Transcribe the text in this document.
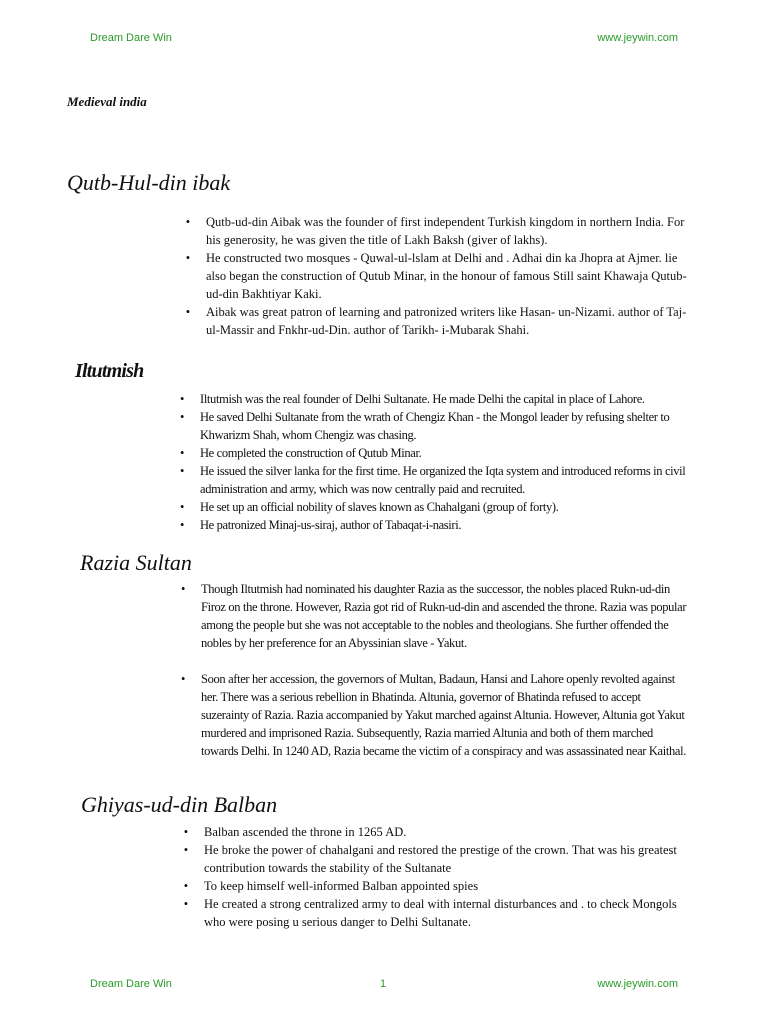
Dream Dare Win	www.jeywin.com
Medieval india
Qutb-Hul-din ibak
• Qutb-ud-din Aibak was the founder of first independent Turkish kingdom in northern India. For his generosity, he was given the title of Lakh Baksh (giver of lakhs).
• He constructed two mosques - Quwal-ul-lslam at Delhi and . Adhai din ka Jhopra at Ajmer. lie also began the construction of Qutub Minar, in the honour of famous Still saint Khawaja Qutub-ud-din Bakhtiyar Kaki.
• Aibak was great patron of learning and patronized writers like Hasan- un-Nizami. author of Taj-ul-Massir and Fnkhr-ud-Din. author of Tarikh- i-Mubarak Shahi.
Iltutmish
• Iltutmish was the real founder of Delhi Sultanate. He made Delhi the capital in place of Lahore.
• He saved Delhi Sultanate from the wrath of Chengiz Khan - the Mongol leader by refusing shelter to Khwarizm Shah, whom Chengiz was chasing.
• He completed the construction of Qutub Minar.
• He issued the silver lanka for the first time. He organized the Iqta system and introduced reforms in civil administration and army, which was now centrally paid and recruited.
• He set up an official nobility of slaves known as Chahalgani (group of forty).
• He patronized Minaj-us-siraj, author of Tabaqat-i-nasiri.
Razia Sultan
• Though Iltutmish had nominated his daughter Razia as the successor, the nobles placed Rukn-ud-din Firoz on the throne. However, Razia got rid of Rukn-ud-din and ascended the throne. Razia was popular among the people but she was not acceptable to the nobles and theologians. She further offended the nobles by her preference for an Abyssinian slave - Yakut.
• Soon after her accession, the governors of Multan, Badaun, Hansi and Lahore openly revolted against her. There was a serious rebellion in Bhatinda. Altunia, governor of Bhatinda refused to accept suzerainty of Razia. Razia accompanied by Yakut marched against Altunia. However, Altunia got Yakut murdered and imprisoned Razia. Subsequently, Razia married Altunia and both of them marched towards Delhi. In 1240 AD, Razia became the victim of a conspiracy and was assassinated near Kaithal.
Ghiyas-ud-din Balban
• Balban ascended the throne in 1265 AD.
• He broke the power of chahalgani and restored the prestige of the crown. That was his greatest contribution towards the stability of the Sultanate
• To keep himself well-informed Balban appointed spies
• He created a strong centralized army to deal with internal disturbances and . to check Mongols who were posing u serious danger to Delhi Sultanate.
Dream Dare Win	1	www.jeywin.com
